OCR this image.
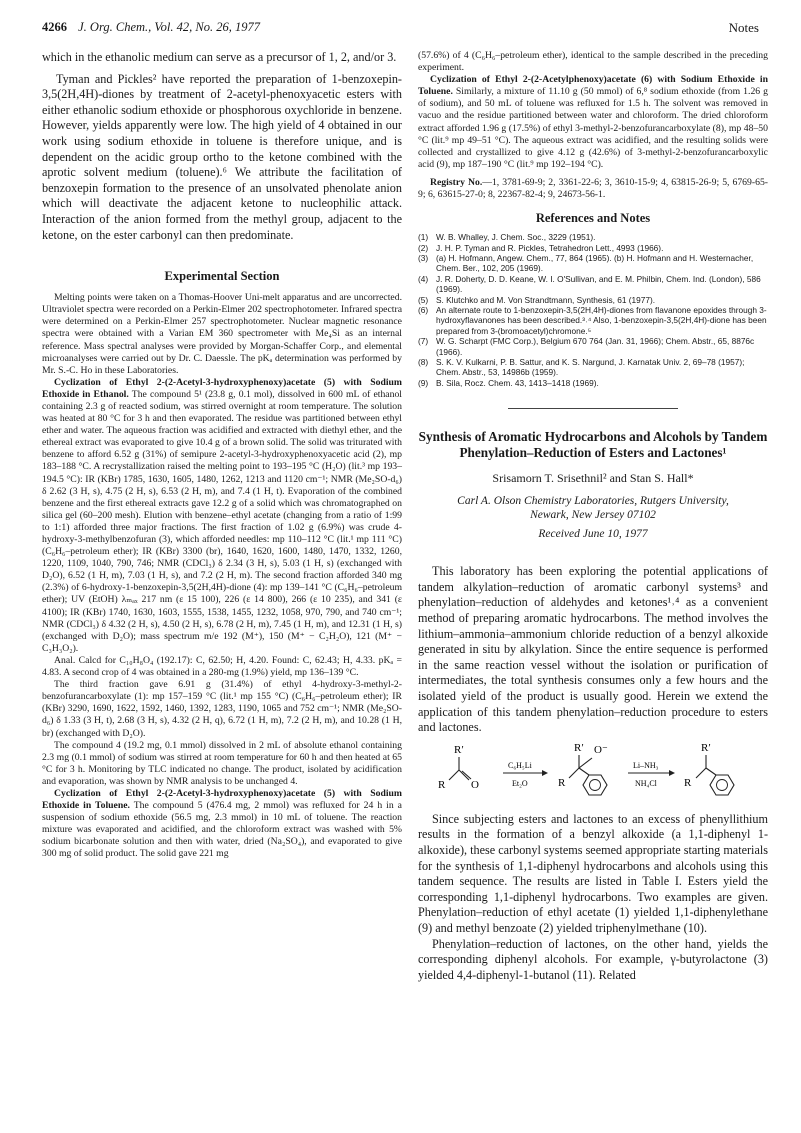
4266 J. Org. Chem., Vol. 42, No. 26, 1977	Notes

which in the ethanolic medium can serve as a precursor of 1, 2, and/or 3.

Tyman and Pickles² have reported the preparation of 1-benzoxepin-3,5(2H,4H)-diones by treatment of 2-acetyl-phenoxyacetic esters with either ethanolic sodium ethoxide or phosphorous oxychloride in benzene. However, yields apparently were low. The high yield of 4 obtained in our work using sodium ethoxide in toluene is therefore unique, and is dependent on the acidic group ortho to the ketone combined with the aprotic solvent medium (toluene).⁶ We attribute the facilitation of benzoxepin formation to the presence of an unsolvated phenolate anion which will deactivate the adjacent ketone to nucleophilic attack. Interaction of the anion formed from the methyl group, adjacent to the ketone, on the ester carbonyl can then predominate.

Experimental Section

Melting points were taken on a Thomas-Hoover Uni-melt apparatus and are uncorrected. Ultraviolet spectra were recorded on a Perkin-Elmer 202 spectrophotometer. Infrared spectra were determined on a Perkin-Elmer 257 spectrophotometer. Nuclear magnetic resonance spectra were obtained with a Varian EM 360 spectrometer with Me₄Si as an internal reference. Mass spectral analyses were provided by Morgan-Schaffer Corp., and elemental microanalyses were carried out by Dr. C. Daessle. The pKₐ determination was performed by Mr. S.-C. Ho in these Laboratories.

Cyclization of Ethyl 2-(2-Acetyl-3-hydroxyphenoxy)acetate (5) with Sodium Ethoxide in Ethanol. The compound 5¹ (23.8 g, 0.1 mol), dissolved in 600 mL of ethanol containing 2.3 g of reacted sodium, was stirred overnight at room temperature. The solution was heated at 80 °C for 3 h and then evaporated. The residue was partitioned between ethyl ether and water. The aqueous fraction was acidified and extracted with diethyl ether, and the ethereal extract was evaporated to give 10.4 g of a brown solid. The solid was triturated with benzene to afford 6.52 g (31%) of semipure 2-acetyl-3-hydroxyphenoxyacetic acid (2), mp 183–188 °C. A recrystallization raised the melting point to 193–195 °C (H₂O) (lit.³ mp 193–194.5 °C): IR (KBr) 1785, 1630, 1605, 1480, 1262, 1213 and 1120 cm⁻¹; NMR (Me₂SO-d₆) δ 2.62 (3 H, s), 4.75 (2 H, s), 6.53 (2 H, m), and 7.4 (1 H, t). Evaporation of the combined benzene and the first ethereal extracts gave 12.2 g of a solid which was chromatographed on silica gel (60–200 mesh). Elution with benzene–ethyl acetate (changing from a ratio of 1:99 to 1:1) afforded three major fractions. The first fraction of 1.02 g (6.9%) was crude 4-hydroxy-3-methylbenzofuran (3), which afforded needles: mp 110–112 °C (lit.¹ mp 111 °C) (C₆H₆–petroleum ether); IR (KBr) 3300 (br), 1640, 1620, 1600, 1480, 1470, 1332, 1260, 1220, 1109, 1040, 790, 746; NMR (CDCl₃) δ 2.34 (3 H, s), 5.03 (1 H, s) (exchanged with D₂O), 6.52 (1 H, m), 7.03 (1 H, s), and 7.2 (2 H, m). The second fraction afforded 340 mg (2.3%) of 6-hydroxy-1-benzoxepin-3,5(2H,4H)-dione (4): mp 139–141 °C (C₆H₆–petroleum ether); UV (EtOH) λₘₐₓ 217 nm (ε 15 100), 226 (ε 14 800), 266 (ε 10 235), and 341 (ε 4100); IR (KBr) 1740, 1630, 1603, 1555, 1538, 1455, 1232, 1058, 970, 790, and 740 cm⁻¹; NMR (CDCl₃) δ 4.32 (2 H, s), 4.50 (2 H, s), 6.78 (2 H, m), 7.45 (1 H, m), and 12.31 (1 H, s) (exchanged with D₂O); mass spectrum m/e 192 (M⁺), 150 (M⁺ − C₂H₂O), 121 (M⁺ − C₃H₃O₂).

Anal. Calcd for C₁₀H₈O₄ (192.17): C, 62.50; H, 4.20. Found: C, 62.43; H, 4.33. pKₐ = 4.83. A second crop of 4 was obtained in a 280-mg (1.9%) yield, mp 136–139 °C.

The third fraction gave 6.91 g (31.4%) of ethyl 4-hydroxy-3-methyl-2-benzofurancarboxylate (1): mp 157–159 °C (lit.¹ mp 155 °C) (C₆H₆–petroleum ether); IR (KBr) 3290, 1690, 1622, 1592, 1460, 1392, 1283, 1190, 1065 and 752 cm⁻¹; NMR (Me₂SO-d₆) δ 1.33 (3 H, t), 2.68 (3 H, s), 4.32 (2 H, q), 6.72 (1 H, m), 7.2 (2 H, m), and 10.28 (1 H, br) (exchanged with D₂O).

The compound 4 (19.2 mg, 0.1 mmol) dissolved in 2 mL of absolute ethanol containing 2.3 mg (0.1 mmol) of sodium was stirred at room temperature for 60 h and then heated at 65 °C for 3 h. Monitoring by TLC indicated no change. The product, isolated by acidification and evaporation, was shown by NMR analysis to be unchanged 4.

Cyclization of Ethyl 2-(2-Acetyl-3-hydroxyphenoxy)acetate (5) with Sodium Ethoxide in Toluene. The compound 5 (476.4 mg, 2 mmol) was refluxed for 24 h in a suspension of sodium ethoxide (56.5 mg, 2.3 mmol) in 10 mL of toluene. The reaction mixture was evaporated and acidified, and the chloroform extract was washed with 5% sodium bicarbonate solution and then with water, dried (Na₂SO₄), and evaporated to give 300 mg of solid product. The solid gave 221 mg

(57.6%) of 4 (C₆H₆–petroleum ether), identical to the sample described in the preceding experiment.

Cyclization of Ethyl 2-(2-Acetylphenoxy)acetate (6) with Sodium Ethoxide in Toluene. Similarly, a mixture of 11.10 g (50 mmol) of 6,⁸ sodium ethoxide (from 1.26 g of sodium), and 50 mL of toluene was refluxed for 1.5 h. The solvent was removed in vacuo and the residue partitioned between water and chloroform. The dried chloroform extract afforded 1.96 g (17.5%) of ethyl 3-methyl-2-benzofurancarboxylate (8), mp 48–50 °C (lit.⁹ mp 49–51 °C). The aqueous extract was acidified, and the resulting solids were collected and crystallized to give 4.12 g (42.6%) of 3-methyl-2-benzofurancarboxylic acid (9), mp 187–190 °C (lit.⁹ mp 192–194 °C).

Registry No.—1, 3781-69-9; 2, 3361-22-6; 3, 3610-15-9; 4, 63815-26-9; 5, 6769-65-9; 6, 63615-27-0; 8, 22367-82-4; 9, 24673-56-1.

References and Notes
(1) W. B. Whalley, J. Chem. Soc., 3229 (1951).
(2) J. H. P. Tyman and R. Pickles, Tetrahedron Lett., 4993 (1966).
(3) (a) H. Hofmann, Angew. Chem., 77, 864 (1965). (b) H. Hofmann and H. Westernacher, Chem. Ber., 102, 205 (1969).
(4) J. R. Doherty, D. D. Keane, W. I. O'Sullivan, and E. M. Philbin, Chem. Ind. (London), 586 (1969).
(5) S. Klutchko and M. Von Strandtmann, Synthesis, 61 (1977).
(6) An alternate route to 1-benzoxepin-3,5(2H,4H)-diones from flavanone epoxides through 3-hydroxyflavanones has been described.³˒⁴ Also, 1-benzoxepin-3,5(2H,4H)-dione has been prepared from 3-(bromoacetyl)chromone.⁵
(7) W. G. Scharpt (FMC Corp.), Belgium 670 764 (Jan. 31, 1966); Chem. Abstr., 65, 8876c (1966).
(8) S. K. V. Kulkarni, P. B. Sattur, and K. S. Nargund, J. Karnatak Univ. 2, 69–78 (1957); Chem. Abstr., 53, 14986b (1959).
(9) B. Sila, Rocz. Chem. 43, 1413–1418 (1969).
Synthesis of Aromatic Hydrocarbons and Alcohols by Tandem Phenylation–Reduction of Esters and Lactones¹
Srisamorn T. Srisethnil² and Stan S. Hall*
Carl A. Olson Chemistry Laboratories, Rutgers University,
Newark, New Jersey 07102
Received June 10, 1977

This laboratory has been exploring the potential applications of tandem alkylation–reduction of aromatic carbonyl systems³ and phenylation–reduction of aldehydes and ketones¹˒⁴ as a convenient method of preparing aromatic hydrocarbons. The method involves the lithium–ammonia–ammonium chloride reduction of a benzyl alkoxide generated in situ by alkylation. Since the entire sequence is performed in the same reaction vessel without the isolation or purification of intermediates, the total synthesis consumes only a few hours and the isolated yield of the product is usually good. Herein we extend the application of this tandem phenylation–reduction procedure to esters and lactones.

R′
R O
C₆H₅Li
Et₂O
R′ O⁻
R
Li–NH₃
NH₄Cl
R′
R

Since subjecting esters and lactones to an excess of phenyllithium results in the formation of a benzyl alkoxide (a 1,1-diphenyl 1-alkoxide), these carbonyl systems seemed appropriate starting materials for the synthesis of 1,1-diphenyl hydrocarbons and alcohols using this tandem sequence. The results are listed in Table I. Esters yield the corresponding 1,1-diphenyl hydrocarbons. Two examples are given. Phenylation–reduction of ethyl acetate (1) yielded 1,1-diphenylethane (9) and methyl benzoate (2) yielded triphenylmethane (10).

Phenylation–reduction of lactones, on the other hand, yields the corresponding diphenyl alcohols. For example, γ-butyrolactone (3) yielded 4,4-diphenyl-1-butanol (11). Related
